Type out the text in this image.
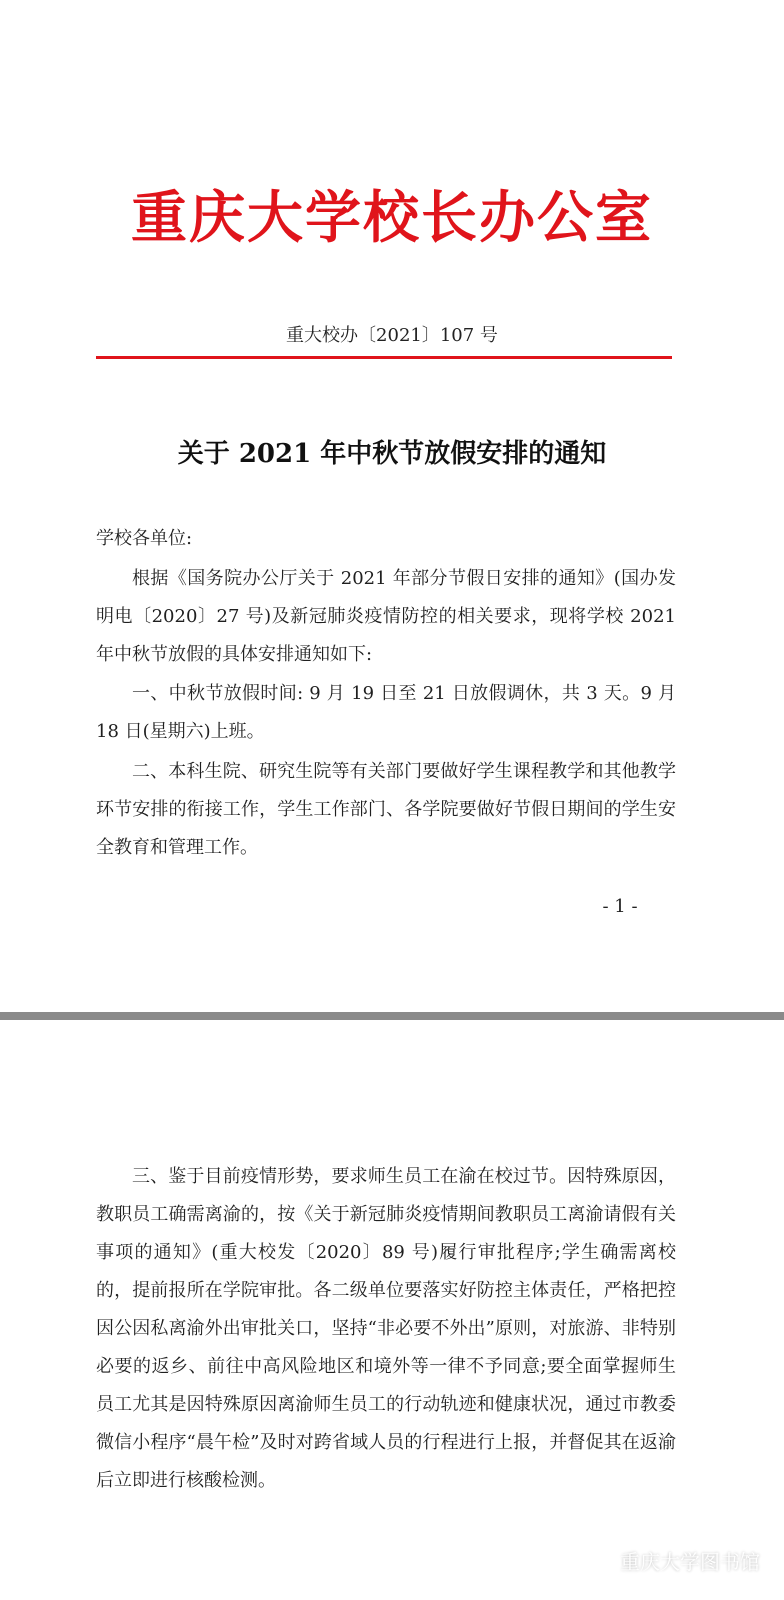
重庆大学校长办公室
重大校办〔2021〕107 号
关于 2021 年中秋节放假安排的通知
学校各单位:
根据《国务院办公厅关于 2021 年部分节假日安排的通知》(国办发明电〔2020〕27 号)及新冠肺炎疫情防控的相关要求，现将学校 2021 年中秋节放假的具体安排通知如下:
一、中秋节放假时间: 9 月 19 日至 21 日放假调休，共 3 天。9 月 18 日(星期六)上班。
二、本科生院、研究生院等有关部门要做好学生课程教学和其他教学环节安排的衔接工作，学生工作部门、各学院要做好节假日期间的学生安全教育和管理工作。
- 1 -
三、鉴于目前疫情形势，要求师生员工在渝在校过节。因特殊原因，教职员工确需离渝的，按《关于新冠肺炎疫情期间教职员工离渝请假有关事项的通知》(重大校发〔2020〕89 号)履行审批程序;学生确需离校的，提前报所在学院审批。各二级单位要落实好防控主体责任，严格把控因公因私离渝外出审批关口，坚持“非必要不外出”原则，对旅游、非特别必要的返乡、前往中高风险地区和境外等一律不予同意;要全面掌握师生员工尤其是因特殊原因离渝师生员工的行动轨迹和健康状况，通过市教委微信小程序“晨午检”及时对跨省域人员的行程进行上报，并督促其在返渝后立即进行核酸检测。
重庆大学图书馆
